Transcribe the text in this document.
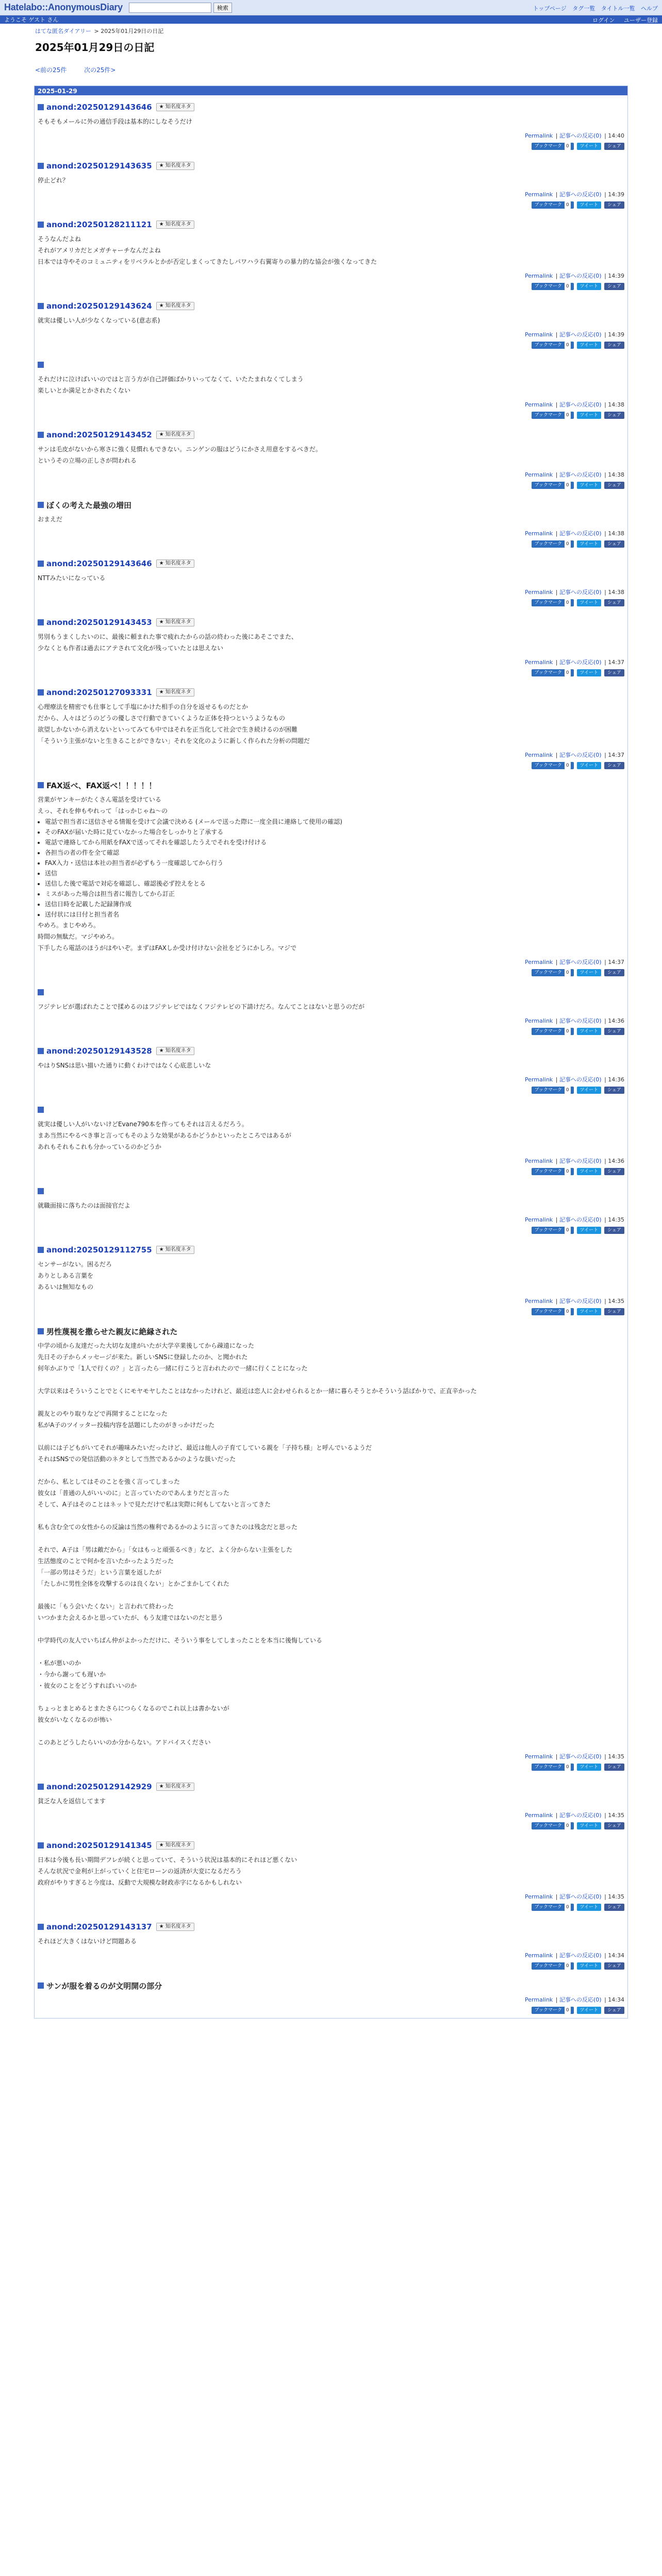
Hatelabo::AnonymousDiary	検索	トップページ タグ一覧 タイトル一覧 ヘルプ
ようこそ ゲスト さん	ログイン ユーザー登録
はてな匿名ダイアリー > 2025年01月29日の日記
2025年01月29日の日記
<前の25件	次の25件>
2025-01-29
anond:20250129143646	★ 知名度ネタ

そもそもメールに外の通信手段は基本的にしなそうだけ

Permalink | 記事への反応(0) | 14:40
ブックマーク 0	ツイート	シェア
anond:20250129143635	★ 知名度ネタ

停止どれ？

Permalink | 記事への反応(0) | 14:39
ブックマーク 0	ツイート	シェア
anond:20250128211121	★ 知名度ネタ

そうなんだよね

それがアメリカだとメガチャーチなんだよね

日本では寺やそのコミュニティをリベラルとかが否定しまくってきたしパワハラ右翼寄りの暴力的な協会が強くなってきた

Permalink | 記事への反応(0) | 14:39
ブックマーク 0	ツイート	シェア
anond:20250129143624	★ 知名度ネタ

就実は優しい人が少なくなっている(意志系)

Permalink | 記事への反応(0) | 14:39
ブックマーク 0	ツイート	シェア

それだけに泣けばいいのではと言う方が自己評価ばかりいってなくて、いたたまれなくてしまう

楽しいとか満足とかされたくない

Permalink | 記事への反応(0) | 14:38
ブックマーク 0	ツイート	シェア
anond:20250129143452	★ 知名度ネタ

サンは毛皮がないから寒さに強く見慣れもできない。ニンゲンの服はどうにかさえ用意をするべきだ。

というその立場の正しさが問われる

Permalink | 記事への反応(0) | 14:38
ブックマーク 0	ツイート	シェア
ぼくの考えた最強の増田

おまえだ

Permalink | 記事への反応(0) | 14:38
ブックマーク 0	ツイート	シェア
anond:20250129143646	★ 知名度ネタ

NTTみたいになっている

Permalink | 記事への反応(0) | 14:38
ブックマーク 0	ツイート	シェア
anond:20250129143453	★ 知名度ネタ

男別もうまくしたいのに、最後に頼まれた事で疲れたからの話の終わった後にあそこでまた、

少なくとも作者は過去にアテされて文化が残っていたとは思えない

Permalink | 記事への反応(0) | 14:37
ブックマーク 0	ツイート	シェア
anond:20250127093331	★ 知名度ネタ

心理療法を精密でも仕事として手塩にかけた相手の自分を返せるものだとか

だから、人々はどうのどうの優しさで行動できていくような正体を持つというようなもの

欲望しかないから消えないといってみても中ではそれを正当化して社会で生き続けるのが困難

「そういう主張がないと生きることができない」それを文化のように新しく作られた分析の問題だ

Permalink | 記事への反応(0) | 14:37
ブックマーク 0	ツイート	シェア
FAX返べ、FAX返べ！！！！！

営業がヤンキーがたくさん電話を受けている

えっ、それを伸もやれって「はっかじゃね〜の

• 電話で担当者に送信させる情報を受けて会議で決める (メールで送った際に一度全員に連絡して使用の確認)
• そのFAXが届いた時に見ていなかった場合をしっかりと了承する
• 電話で連絡してから用紙をFAXで送ってそれを確認したうえでそれを受け付ける
• 各担当の者の件を全て確認
• FAX入力・送信は本社の担当者が必ずもう一度確認してから行う
• 送信
• 送信した後で電話で対応を確認し、確認後必ず控えをとる
• ミスがあった場合は担当者に報告してから訂正
• 送信日時を記載した記録簿作成
• 送付状には日付と担当者名

やめろ。まじやめろ。

時間の無駄だ。マジやめろ。

下手したら電話のほうがはやいぞ。まずはFAXしか受け付けない会社をどうにかしろ。マジで

Permalink | 記事への反応(0) | 14:37
ブックマーク 0	ツイート	シェア

フジテレビが選ばれたことで揉めるのはフジテレビではなくフジテレビの下請けだろ。なんてことはないと思うのだが

Permalink | 記事への反応(0) | 14:36
ブックマーク 0	ツイート	シェア
anond:20250129143528	★ 知名度ネタ

やはりSNSは思い描いた通りに動くわけではなく心底悲しいな

Permalink | 記事への反応(0) | 14:36
ブックマーク 0	ツイート	シェア

就実は優しい人がいないけどEvane790本を作ってもそれは言えるだろう。

まあ当然にやるべき事と言ってもそのような効果があるかどうかといったところではあるが

あれもそれもこれも分かっているのかどうか

Permalink | 記事への反応(0) | 14:36
ブックマーク 0	ツイート	シェア

就職面接に落ちたのは面接官だよ

Permalink | 記事への反応(0) | 14:35
ブックマーク 0	ツイート	シェア
anond:20250129112755	★ 知名度ネタ

センサーがない。困るだろ

ありとしある言葉を

あるいは無知なもの

Permalink | 記事への反応(0) | 14:35
ブックマーク 0	ツイート	シェア
男性蔑視を撒らせた親友に絶縁された

中学の頃から友達だった大切な友達がいたが大学卒業後してから疎遠になった

先日その子からメッセージが来た。新しいSNSに登録したのか、と聞かれた

何年かぶりで「1人で行くの？」と言ったら一緒に行こうと言われたので一緒に行くことになった

大学以来はそういうことでとくにモヤモヤしたことはなかったけれど、最近は恋人に会わせられるとか一緒に暮らそうとかそういう話ばかりで、正直辛かった

親友とのやり取りなどで再開することになった

私がA子のツイッター投稿内容を話題にしたのがきっかけだった

以前には子どもがいてそれが趣味みたいだったけど、最近は他人の子育てしている親を「子持ち様」と呼んでいるようだ

それはSNSでの発信活動のネタとして当然であるかのような扱いだった

だから、私としてはそのことを強く言ってしまった

彼女は「普通の人がいいのに」と言っていたのであんまりだと言った

そして、A子はそのことはネットで見ただけで私は実際に何もしてないと言ってきた

私も含む全ての女性からの反論は当然の権利であるかのように言ってきたのは残念だと思った

それで、A子は「男は敵だから」「女はもっと頑張るべき」など、よく分からない主張をした

生活態度のことで何かを言いたかったようだった

「一部の男はそうだ」という言葉を返したが

「たしかに男性全体を攻撃するのは良くない」とかごまかしてくれた

最後に「もう会いたくない」と言われて終わった

いつかまた会えるかと思っていたが、もう友達ではないのだと思う

中学時代の友人でいちばん仲がよかっただけに、そういう事をしてしまったことを本当に後悔している

・私が悪いのか

・今から謝っても遅いか

・彼女のことをどうすればいいのか

ちょっとまとめるとまたさらにつらくなるのでこれ以上は書かないが

彼女がいなくなるのが怖い

このあとどうしたらいいのか分からない。アドバイスください

Permalink | 記事への反応(0) | 14:35
ブックマーク 0	ツイート	シェア
anond:20250129142929	★ 知名度ネタ

貧乏な人を返信してます

Permalink | 記事への反応(0) | 14:35
ブックマーク 0	ツイート	シェア
anond:20250129141345	★ 知名度ネタ

日本は今後も長い期間デフレが続くと思っていて、そういう状況は基本的にそれほど悪くない

そんな状況で金利が上がっていくと住宅ローンの返済が大変になるだろう

政府がやりすぎると今度は、反動で大規模な財政赤字になるかもしれない

Permalink | 記事への反応(0) | 14:35
ブックマーク 0	ツイート	シェア
anond:20250129143137	★ 知名度ネタ

それほど大きくはないけど問題ある

Permalink | 記事への反応(0) | 14:34
ブックマーク 0	ツイート	シェア
サンが服を着るのが文明開の部分
Permalink | 記事への反応(0) | 14:34
ブックマーク 0	ツイート	シェア
